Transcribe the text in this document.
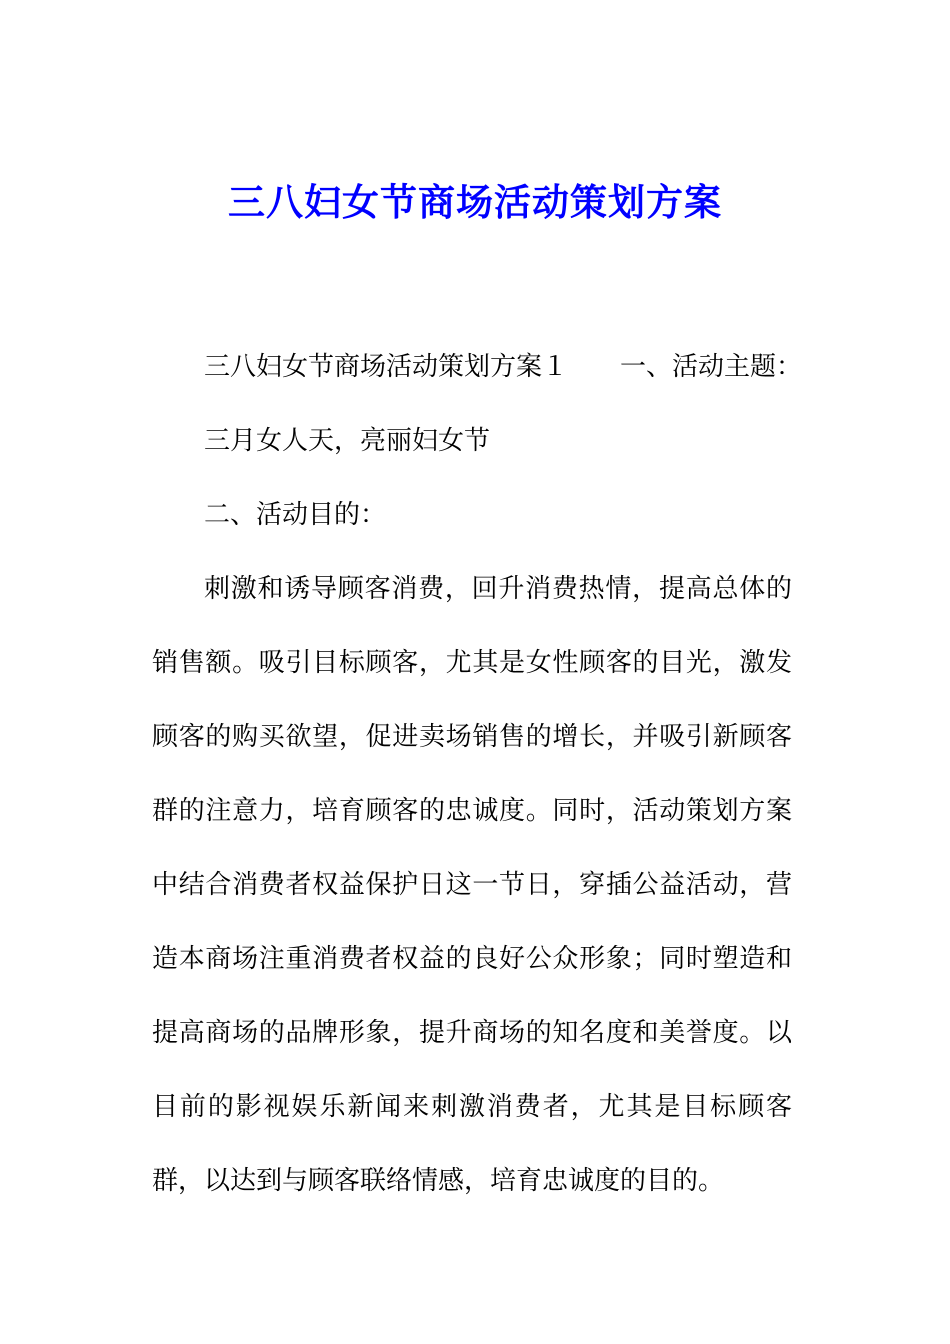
三八妇女节商场活动策划方案

三八妇女节商场活动策划方案１ 一、活动主题：

三月女人天，亮丽妇女节

二、活动目的：

刺激和诱导顾客消费，回升消费热情，提高总体的销售额。吸引目标顾客，尤其是女性顾客的目光，激发顾客的购买欲望，促进卖场销售的增长，并吸引新顾客群的注意力，培育顾客的忠诚度。同时，活动策划方案中结合消费者权益保护日这一节日，穿插公益活动，营造本商场注重消费者权益的良好公众形象；同时塑造和提高商场的品牌形象，提升商场的知名度和美誉度。以目前的影视娱乐新闻来刺激消费者，尤其是目标顾客群，以达到与顾客联络情感，培育忠诚度的目的。
